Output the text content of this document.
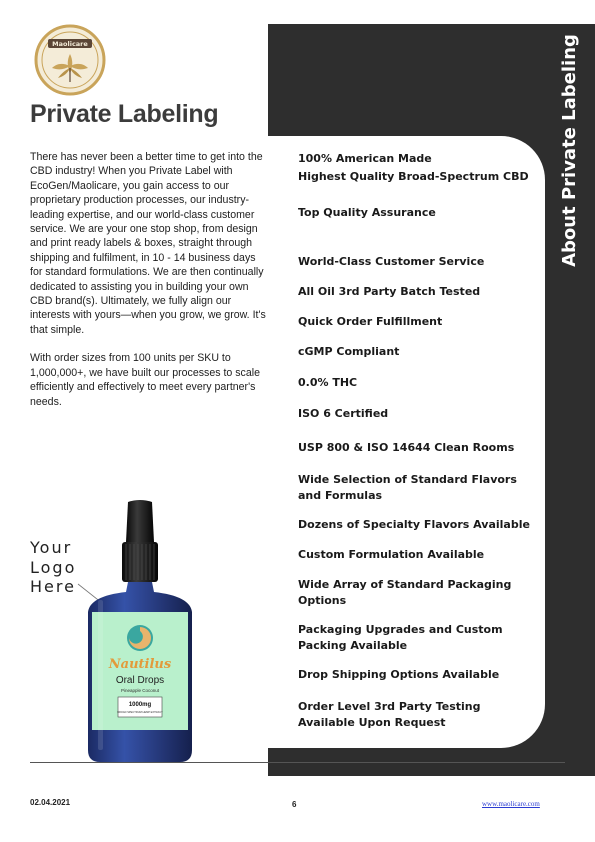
About Private Labeling
Maolicare
Private Labeling

There has never been a better time to get into the CBD industry! When you Private Label with EcoGen/Maolicare, you gain access to our proprietary production processes, our industry-leading expertise, and our world-class customer service. We are your one stop shop, from design and print ready labels & boxes, straight through shipping and fulfilment, in 10 - 14 business days for standard formulations. We are then continually dedicated to assisting you in building your own CBD brand(s). Ultimately, we fully align our interests with yours—when you grow, we grow. It's that simple.

With order sizes from 100 units per SKU to 1,000,000+, we have built our processes to scale efficiently and effectively to meet every partner's needs.

100% American Made

Highest Quality Broad-Spectrum CBD

Top Quality Assurance

World-Class Customer Service

All Oil 3rd Party Batch Tested

Quick Order Fulfillment

cGMP Compliant

0.0% THC

ISO 6 Certified

USP 800 & ISO 14644 Clean Rooms

Wide Selection of Standard Flavors and Formulas

Dozens of Specialty Flavors Available

Custom Formulation Available

Wide Array of Standard Packaging Options

Packaging Upgrades and Custom Packing Available

Drop Shipping Options Available

Order Level 3rd Party Testing Available Upon Request

Your
Logo
Here
Nautilus
Oral Drops
Pineapple Coconut
1000mg
BROAD SPECTRUM HEMP EXTRACT
02.04.2021	6	www.maolicare.com
